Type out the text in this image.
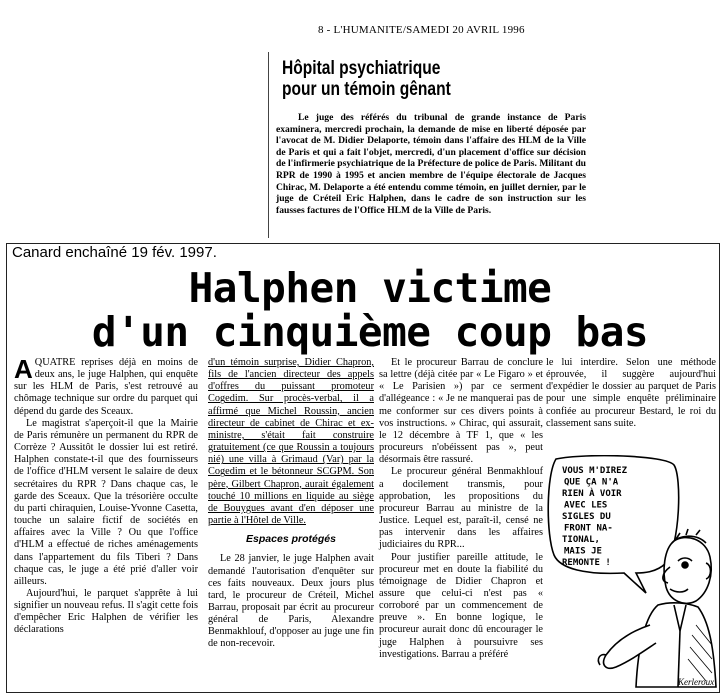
8 - L'HUMANITE/SAMEDI 20 AVRIL 1996
Hôpital psychiatrique
pour un témoin gênant
Le juge des référés du tribunal de grande instance de Paris examinera, mercredi prochain, la demande de mise en liberté déposée par l'avocat de M. Didier Delaporte, témoin dans l'affaire des HLM de la Ville de Paris et qui a fait l'objet, mercredi, d'un placement d'office sur décision de l'infirmerie psychiatrique de la Préfecture de police de Paris. Militant du RPR de 1990 à 1995 et ancien membre de l'équipe électorale de Jacques Chirac, M. Delaporte a été entendu comme témoin, en juillet dernier, par le juge de Créteil Eric Halphen, dans le cadre de son instruction sur les fausses factures de l'Office HLM de la Ville de Paris.
Canard enchaîné 19 fév. 1997.
Halphen victime
d'un cinquième coup bas
A QUATRE reprises déjà en moins de deux ans, le juge Halphen, qui enquête sur les HLM de Paris, s'est retrouvé au chômage technique sur ordre du parquet qui dépend du garde des Sceaux.

Le magistrat s'aperçoit-il que la Mairie de Paris rémunère un permanent du RPR de Corrèze ? Aussitôt le dossier lui est retiré. Halphen constate-t-il que des fournisseurs de l'office d'HLM versent le salaire de deux secrétaires du RPR ? Dans chaque cas, le garde des Sceaux. Que la trésorière occulte du parti chiraquien, Louise-Yvonne Casetta, touche un salaire fictif de sociétés en affaires avec la Ville ? Ou que l'office d'HLM a effectué de riches aménagements dans l'appartement du fils Tiberi ? Dans chaque cas, le juge a été prié d'aller voir ailleurs.

Aujourd'hui, le parquet s'apprête à lui signifier un nouveau refus. Il s'agit cette fois d'empêcher Eric Halphen de vérifier les déclarations

d'un témoin surprise, Didier Chapron, fils de l'ancien directeur des appels d'offres du puissant promoteur Cogedim. Sur procès-verbal, il a affirmé que Michel Roussin, ancien directeur de cabinet de Chirac et ex-ministre, s'était fait construire gratuitement (ce que Roussin a toujours nié) une villa à Grimaud (Var) par la Cogedim et le bétonneur SCGPM. Son père, Gilbert Chapron, aurait également touché 10 millions en liquide au siège de Bouygues avant d'en déposer une partie à l'Hôtel de Ville.

Espaces protégés

Le 28 janvier, le juge Halphen avait demandé l'autorisation d'enquêter sur ces faits nouveaux. Deux jours plus tard, le procureur de Créteil, Michel Barrau, proposait par écrit au procureur général de Paris, Alexandre Benmakhlouf, d'opposer au juge une fin de non-recevoir.

Et le procureur Barrau de conclure sa lettre (déjà citée par « Le Figaro » et « Le Parisien ») par ce serment d'allégeance : « Je ne manquerai pas de me conformer sur ces divers points à vos instructions. » Chirac, qui assurait, le 12 décembre à TF 1, que « les procureurs n'obéissent pas », peut désormais être rassuré.

Le procureur général Benmakhlouf a docilement transmis, pour approbation, les propositions du procureur Barrau au ministre de la Justice. Lequel est, paraît-il, censé ne pas intervenir dans les affaires judiciaires du RPR...

Pour justifier pareille attitude, le procureur met en doute la fiabilité du témoignage de Didier Chapron et assure que celui-ci n'est pas « corroboré par un commencement de preuve ». En bonne logique, le procureur aurait donc dû encourager le juge Halphen à poursuivre ses investigations. Barrau a préféré

le lui interdire. Selon une méthode éprouvée, il suggère aujourd'hui d'expédier le dossier au parquet de Paris pour une simple enquête préliminaire confiée au procureur Bestard, le roi du classement sans suite.

VOUS M'DIREZ
QUE ÇA N'A
RIEN À VOIR
AVEC LES
SIGLES DU
FRONT NA-
TIONAL,
MAIS JE
REMONTE !
Kerleroux
